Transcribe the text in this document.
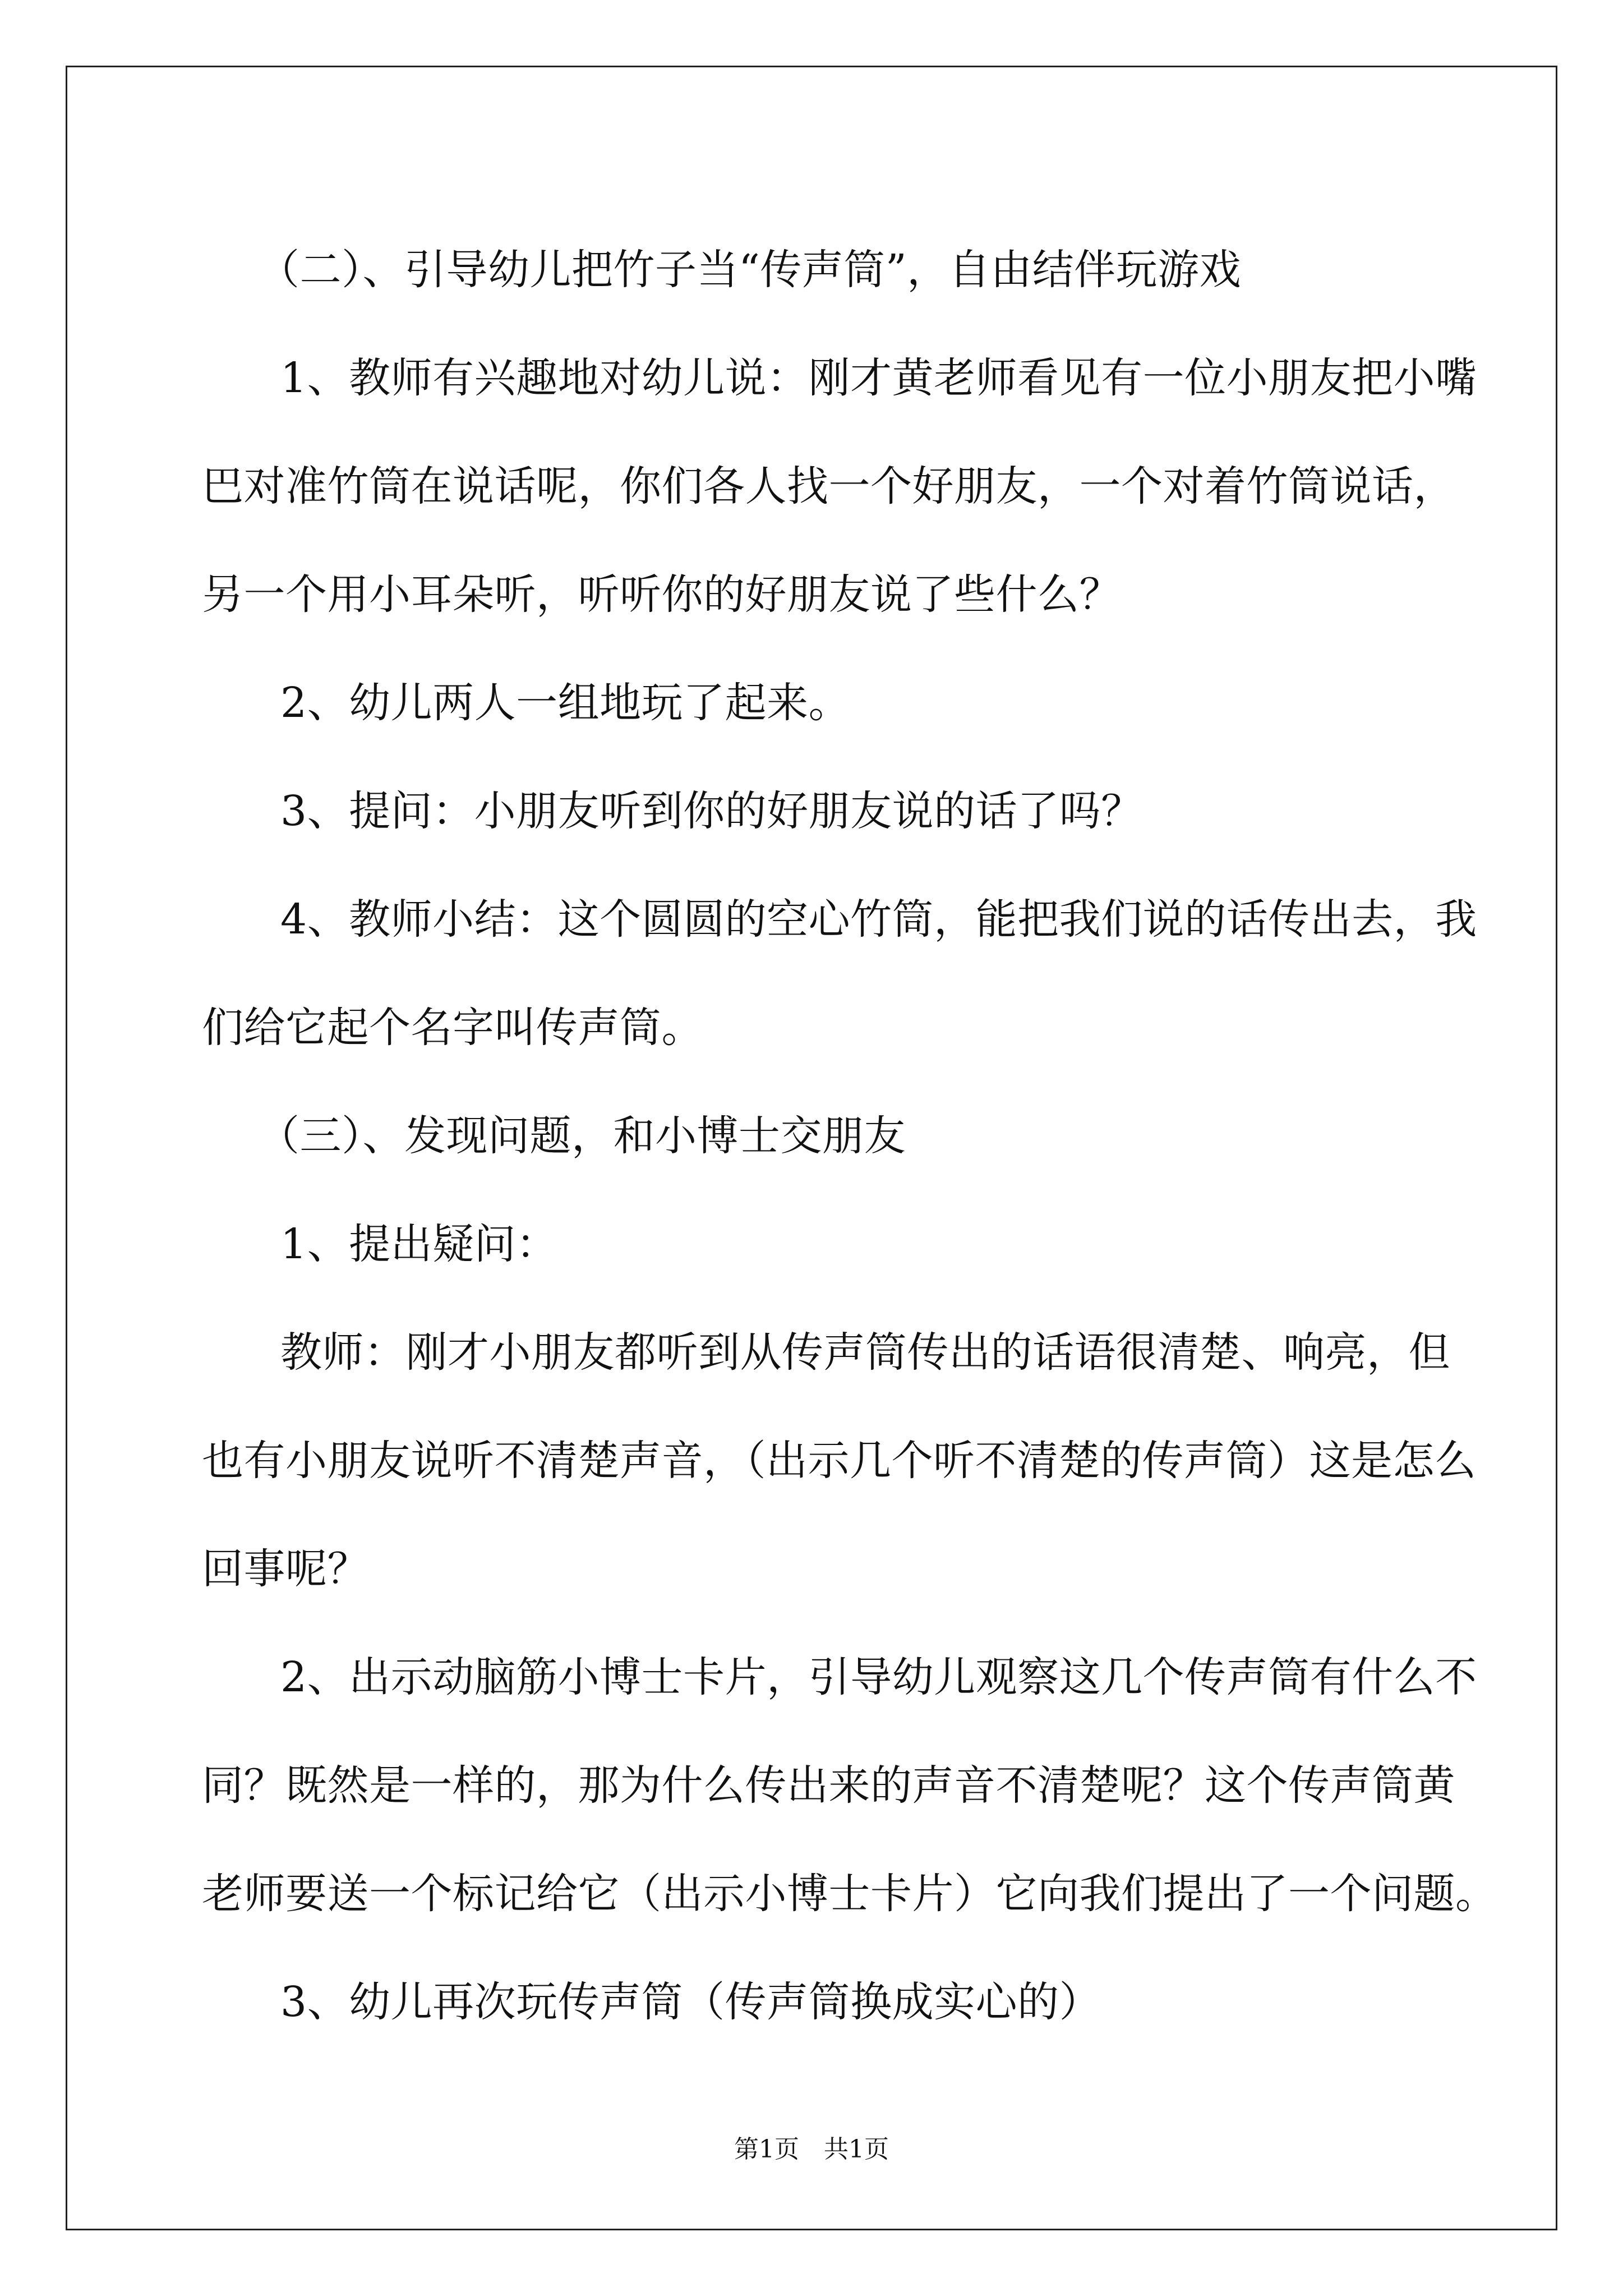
（二）、引导幼儿把竹子当“传声筒”，自由结伴玩游戏

1、教师有兴趣地对幼儿说：刚才黄老师看见有一位小朋友把小嘴

巴对准竹筒在说话呢，你们各人找一个好朋友，一个对着竹筒说话，

另一个用小耳朵听，听听你的好朋友说了些什么？

2、幼儿两人一组地玩了起来。

3、提问：小朋友听到你的好朋友说的话了吗？

4、教师小结：这个圆圆的空心竹筒，能把我们说的话传出去，我

们给它起个名字叫传声筒。

（三）、发现问题，和小博士交朋友

1、提出疑问：

教师：刚才小朋友都听到从传声筒传出的话语很清楚、响亮，但

也有小朋友说听不清楚声音，（出示几个听不清楚的传声筒）这是怎么

回事呢？

2、出示动脑筋小博士卡片，引导幼儿观察这几个传声筒有什么不

同？既然是一样的，那为什么传出来的声音不清楚呢？这个传声筒黄

老师要送一个标记给它（出示小博士卡片）它向我们提出了一个问题。

3、幼儿再次玩传声筒（传声筒换成实心的）

第1页　共1页
